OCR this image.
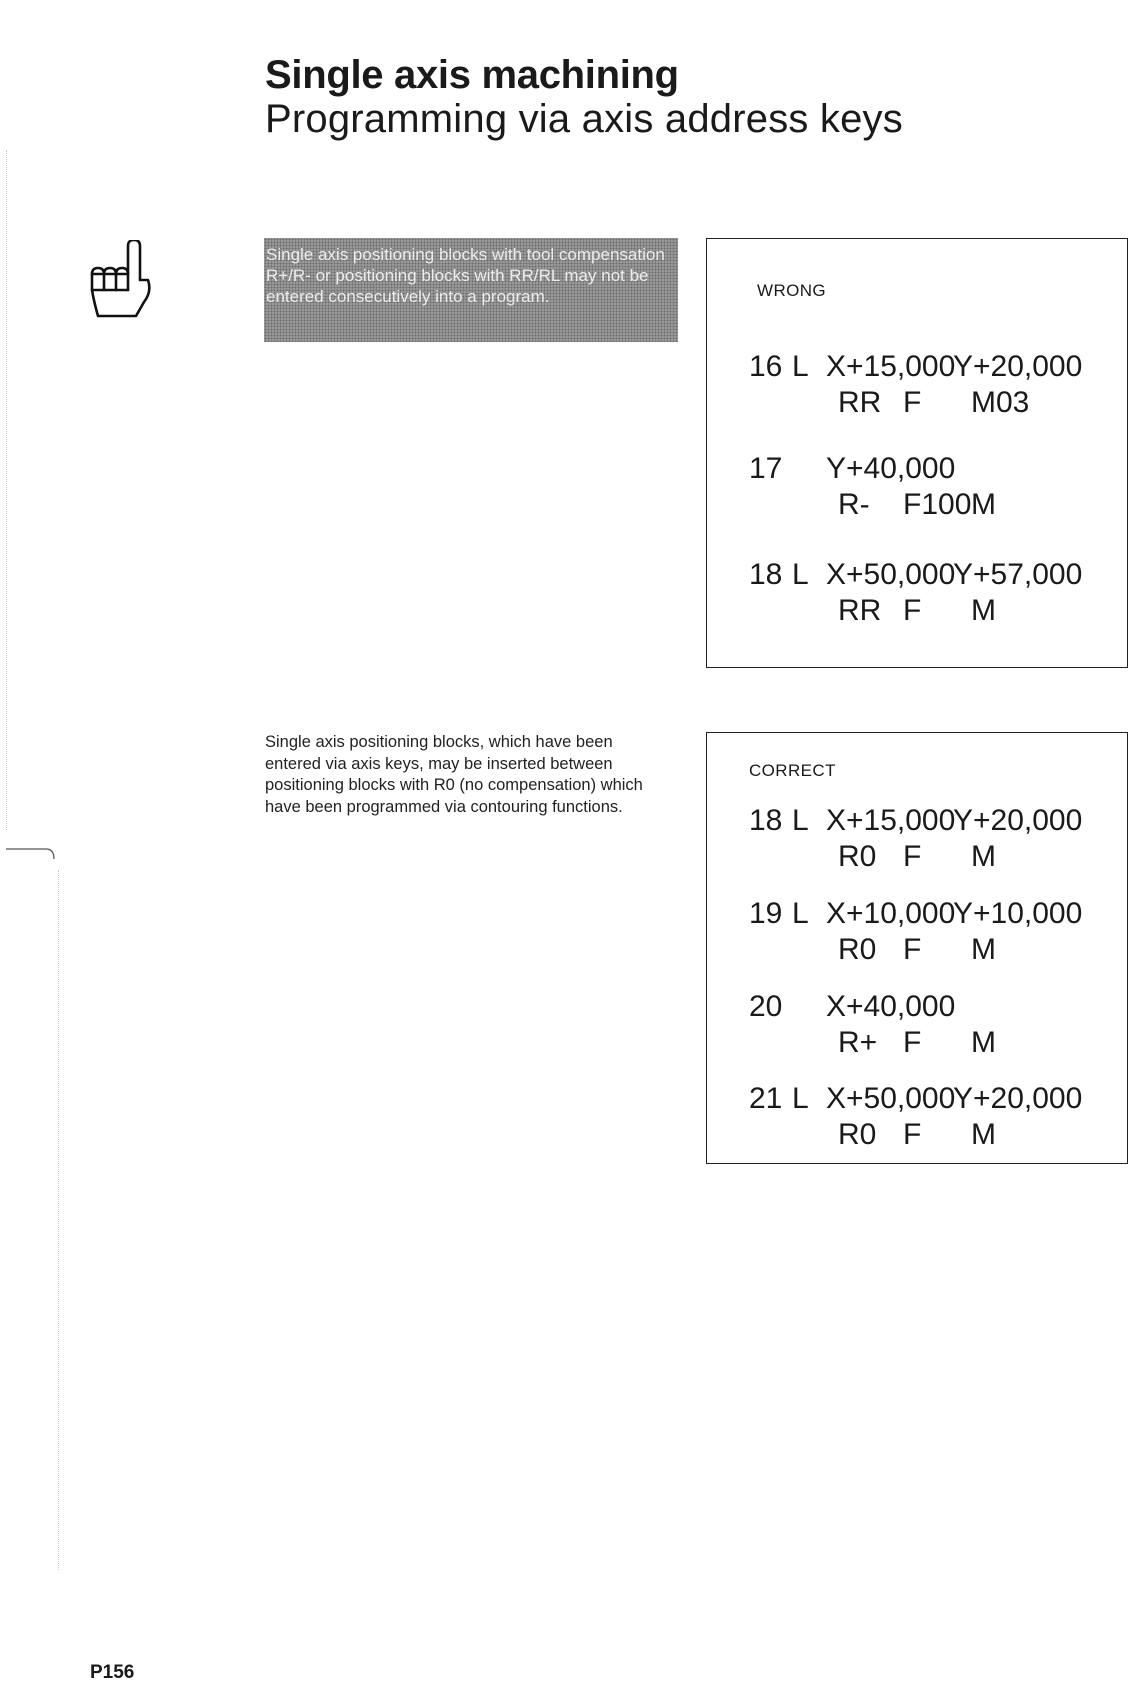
Single axis machining
Programming via axis address keys
Single axis positioning blocks with tool compensation R+/R- or positioning blocks with RR/RL may not be entered consecutively into a program.
Single axis positioning blocks, which have been entered via axis keys, may be inserted between positioning blocks with R0 (no compensation) which have been programmed via contouring functions.
WRONG
16 L X+15,000
Y+20,000
RR F M03
17 Y+40,000
R- F100 M
18 L X+50,000
Y+57,000
RR F M
CORRECT
18 L X+15,000
Y+20,000
R0 F M
19 L X+10,000
Y+10,000
R0 F M
20 X+40,000
R+ F M
21 L X+50,000
Y+20,000
R0 F M
P156
